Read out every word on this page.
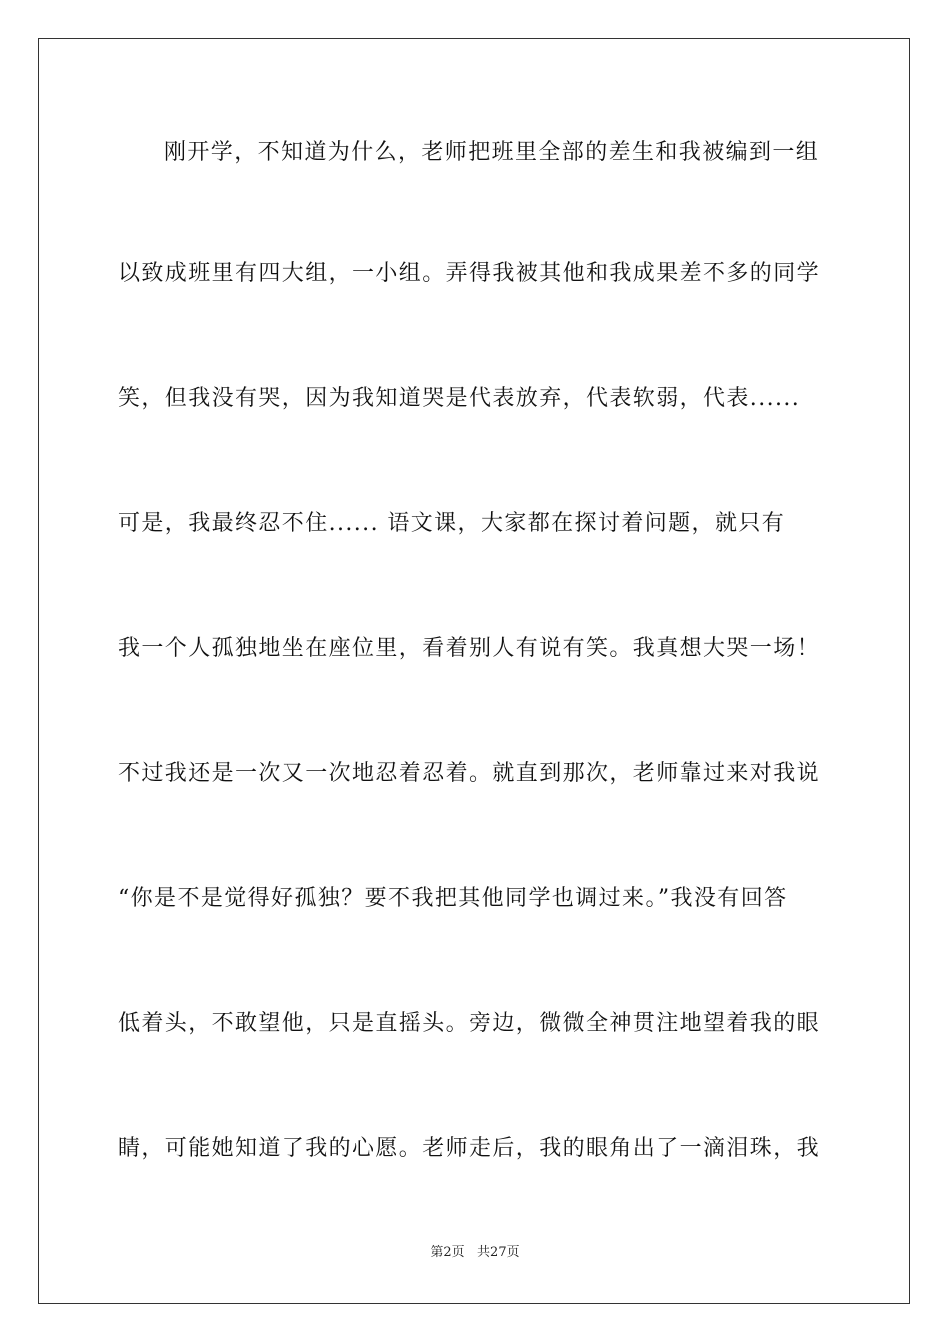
刚开学，不知道为什么，老师把班里全部的差生和我被编到一组
以致成班里有四大组，一小组。弄得我被其他和我成果差不多的同学
笑，但我没有哭，因为我知道哭是代表放弃，代表软弱，代表......
可是，我最终忍不住...... 语文课，大家都在探讨着问题，就只有
我一个人孤独地坐在座位里，看着别人有说有笑。我真想大哭一场！
不过我还是一次又一次地忍着忍着。就直到那次，老师靠过来对我说
“你是不是觉得好孤独？要不我把其他同学也调过来。”我没有回答
低着头，不敢望他，只是直摇头。旁边，微微全神贯注地望着我的眼
睛，可能她知道了我的心愿。老师走后，我的眼角出了一滴泪珠，我
第2页   共27页
